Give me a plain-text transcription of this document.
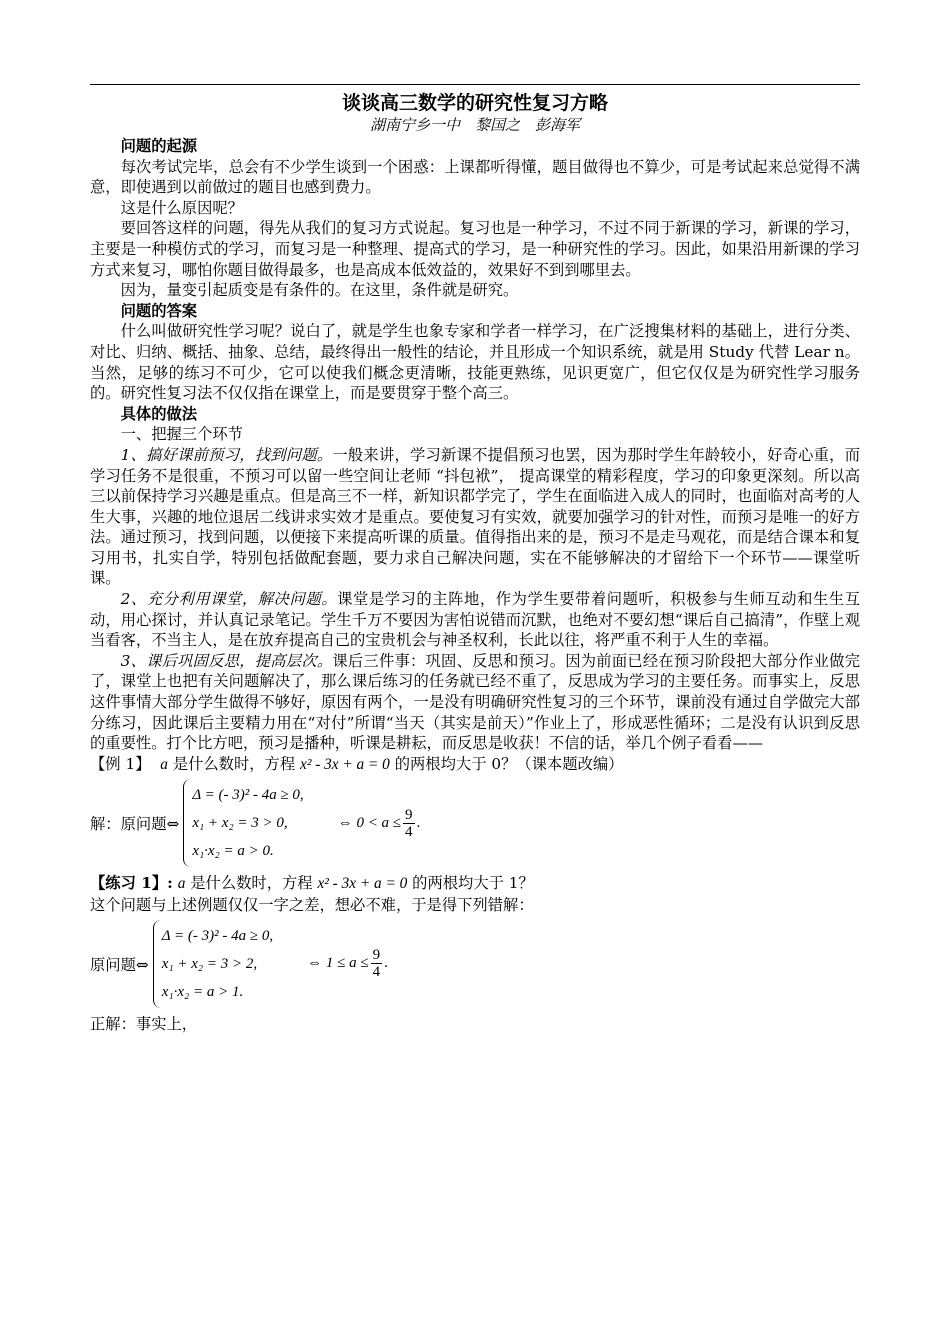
谈谈高三数学的研究性复习方略
湖南宁乡一中　黎国之　彭海军

问题的起源

每次考试完毕，总会有不少学生谈到一个困惑：上课都听得懂，题目做得也不算少，可是考试起来总觉得不满意，即使遇到以前做过的题目也感到费力。

这是什么原因呢？

要回答这样的问题，得先从我们的复习方式说起。复习也是一种学习，不过不同于新课的学习，新课的学习，主要是一种模仿式的学习，而复习是一种整理、提高式的学习，是一种研究性的学习。因此，如果沿用新课的学习方式来复习，哪怕你题目做得最多，也是高成本低效益的，效果好不到到哪里去。

因为，量变引起质变是有条件的。在这里，条件就是研究。

问题的答案

什么叫做研究性学习呢？说白了，就是学生也象专家和学者一样学习，在广泛搜集材料的基础上，进行分类、对比、归纳、概括、抽象、总结，最终得出一般性的结论，并且形成一个知识系统，就是用 Study 代替 Lear n。当然，足够的练习不可少，它可以使我们概念更清晰，技能更熟练，见识更宽广，但它仅仅是为研究性学习服务的。研究性复习法不仅仅指在课堂上，而是要贯穿于整个高三。

具体的做法

一、把握三个环节

1、搞好课前预习，找到问题。一般来讲，学习新课不提倡预习也罢，因为那时学生年龄较小，好奇心重，而学习任务不是很重，不预习可以留一些空间让老师 “抖包袱”， 提高课堂的精彩程度，学习的印象更深刻。所以高三以前保持学习兴趣是重点。但是高三不一样，新知识都学完了，学生在面临进入成人的同时，也面临对高考的人生大事，兴趣的地位退居二线讲求实效才是重点。要使复习有实效，就要加强学习的针对性，而预习是唯一的好方法。通过预习，找到问题，以便接下来提高听课的质量。值得指出来的是，预习不是走马观花，而是结合课本和复习用书，扎实自学，特别包括做配套题，要力求自己解决问题，实在不能够解决的才留给下一个环节——课堂听课。

2、充分利用课堂，解决问题。课堂是学习的主阵地，作为学生要带着问题听，积极参与生师互动和生生互动，用心探讨，并认真记录笔记。学生千万不要因为害怕说错而沉默，也绝对不要幻想“课后自己搞清”，作壁上观当看客，不当主人，是在放弃提高自己的宝贵机会与神圣权利，长此以往，将严重不利于人生的幸福。

3、课后巩固反思，提高层次。课后三件事：巩固、反思和预习。因为前面已经在预习阶段把大部分作业做完了，课堂上也把有关问题解决了，那么课后练习的任务就已经不重了，反思成为学习的主要任务。而事实上，反思这件事情大部分学生做得不够好，原因有两个，一是没有明确研究性复习的三个环节，课前没有通过自学做完大部分练习，因此课后主要精力用在“对付”所谓“当天（其实是前天）”作业上了，形成恶性循环；二是没有认识到反思的重要性。打个比方吧，预习是播种，听课是耕耘，而反思是收获！不信的话，举几个例子看看——

【例 1】 a 是什么数时，方程 x² - 3x + a = 0 的两根均大于 0？（课本题改编）

解：原问题⇔
Δ = (- 3)² - 4a ≥ 0,
x₁ + x₂ = 3 > 0,
x₁·x₂ = a > 0.
⇔ $0 < a \le \frac{9}{4}$ .

【练习 1】: a 是什么数时，方程 x² - 3x + a = 0 的两根均大于 1？

这个问题与上述例题仅仅一字之差，想必不难，于是得下列错解：

原问题⇔
Δ = (- 3)² - 4a ≥ 0,
x₁ + x₂ = 3 > 2,
x₁·x₂ = a > 1.
⇔ $1 \le a \le \frac{9}{4}$ .

正解：事实上，
